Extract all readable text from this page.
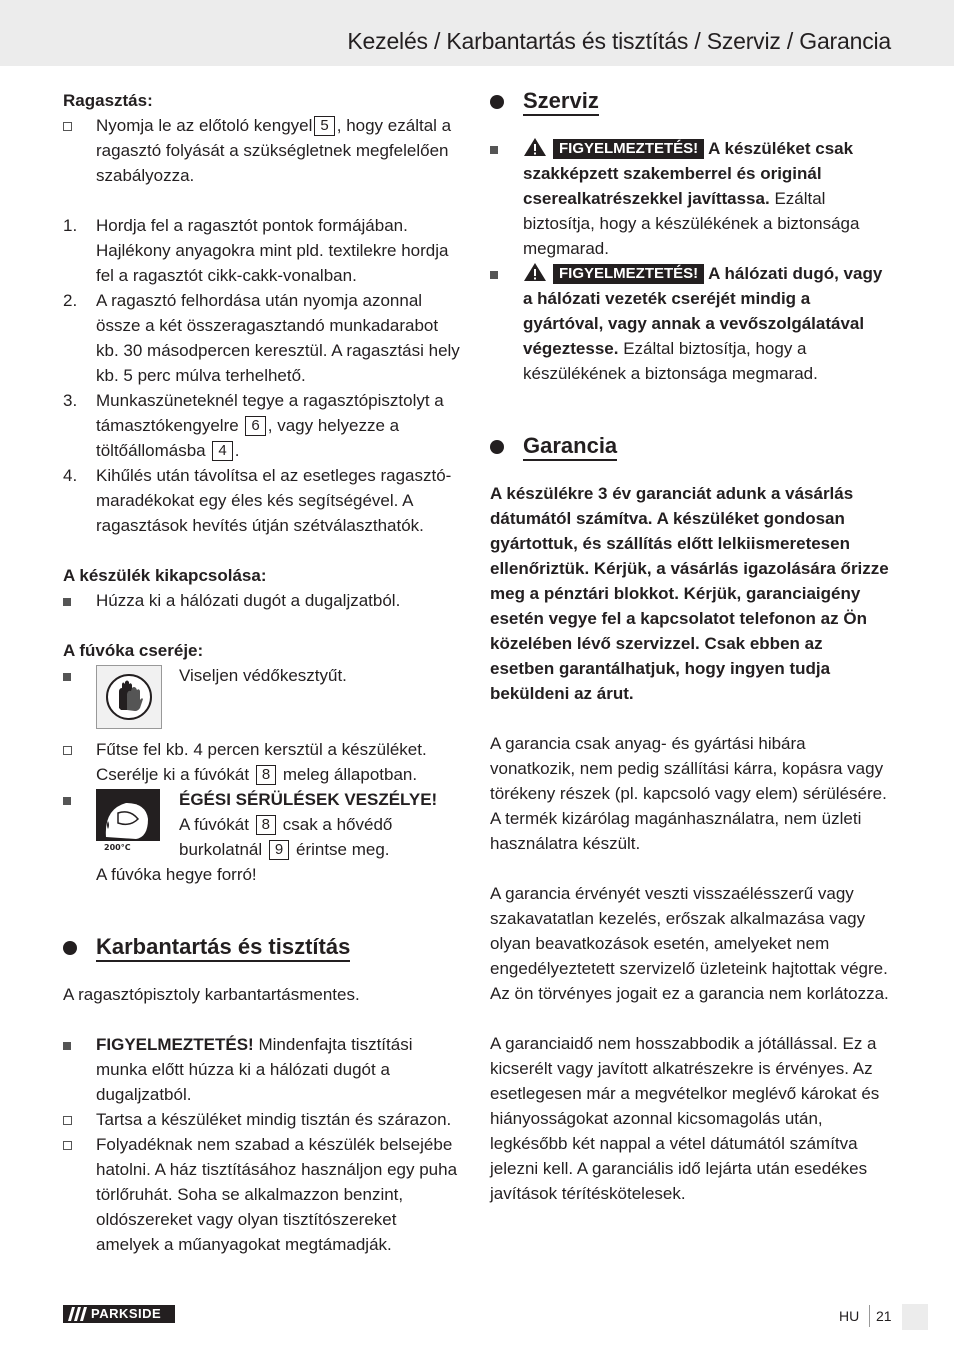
Kezelés / Karbantartás és tisztítás / Szerviz / Garancia

Ragasztás:

Nyomja le az előtoló kengyel 5 , hogy ezáltal a ragasztó folyását a szükségletnek megfelelően szabályozza.
1. Hordja fel a ragasztót pontok formájában. Hajlékony anyagokra mint pld. textilekre hordja fel a ragasztót cikk-cakk-vonalban.
2. A ragasztó felhordása után nyomja azonnal össze a két összeragasztandó munkadarabot kb. 30 másodpercen keresztül. A ragasztási hely kb. 5 perc múlva terhelhető.
3. Munkaszüneteknél tegye a ragasztópisztolyt a támasztókengyelre 6 , vagy helyezze a töltőállomásba 4 .
4. Kihűlés után távolítsa el az esetleges ragasztó-maradékokat egy éles kés segítségével. A ragasztások hevítés útján szétválaszthatók.

A készülék kikapcsolása:

Húzza ki a hálózati dugót a dugaljzatból.

A fúvóka cseréje:

Viseljen védőkesztyűt.
Fűtse fel kb. 4 percen kersztül a készüléket. Cserélje ki a fúvókát 8 meleg állapotban.
200°C

ÉGÉSI SÉRÜLÉSEK VESZÉLYE!

A fúvókát 8 csak a hővédő burkolatnál 9 érintse meg.

A fúvóka hegye forró!

Karbantartás és tisztítás

A ragasztópisztoly karbantartásmentes.

FIGYELMEZTETÉS! Mindenfajta tisztítási munka előtt húzza ki a hálózati dugót a dugaljzatból.
Tartsa a készüléket mindig tisztán és szárazon.
Folyadéknak nem szabad a készülék belsejébe hatolni. A ház tisztításához használjon egy puha törlőruhát. Soha se alkalmazzon benzint, oldószereket vagy olyan tisztítószereket amelyek a műanyagokat megtámadják.
Szerviz
FIGYELMEZTETÉS! A készüléket csak szakképzett szakemberrel és originál cserealkatrészekkel javíttassa. Ezáltal biztosítja, hogy a készülékének a biztonsága megmarad.
FIGYELMEZTETÉS! A hálózati dugó, vagy a hálózati vezeték cseréjét mindig a gyártóval, vagy annak a vevőszolgálatával végeztesse. Ezáltal biztosítja, hogy a készülékének a biztonsága megmarad.
Garancia

A készülékre 3 év garanciát adunk a vásárlás dátumától számítva. A készüléket gondosan gyártottuk, és szállítás előtt lelkiismeretesen ellenőriztük. Kérjük, a vásárlás igazolására őrizze meg a pénztári blokkot. Kérjük, garanciaigény esetén vegye fel a kapcsolatot telefonon az Ön közelében lévő szervizzel. Csak ebben az esetben garantálhatjuk, hogy ingyen tudja beküldeni az árut.

A garancia csak anyag- és gyártási hibára vonatkozik, nem pedig szállítási kárra, kopásra vagy törékeny részek (pl. kapcsoló vagy elem) sérülésére. A termék kizárólag magánhasználatra, nem üzleti használatra készült.

A garancia érvényét veszti visszaélésszerű vagy szakavatatlan kezelés, erőszak alkalmazása vagy olyan beavatkozások esetén, amelyeket nem engedélyeztetett szervizelő üzleteink hajtottak végre. Az ön törvényes jogait ez a garancia nem korlátozza.

A garanciaidő nem hosszabbodik a jótállással. Ez a kicserélt vagy javított alkatrészekre is érvényes. Az esetlegesen már a megvételkor meglévő károkat és hiányosságokat azonnal kicsomagolás után, legkésőbb két nappal a vétel dátumától számítva jelezni kell. A garanciális idő lejárta után esedékes javítások térítéskötelesek.

PARKSIDE	HU 21
